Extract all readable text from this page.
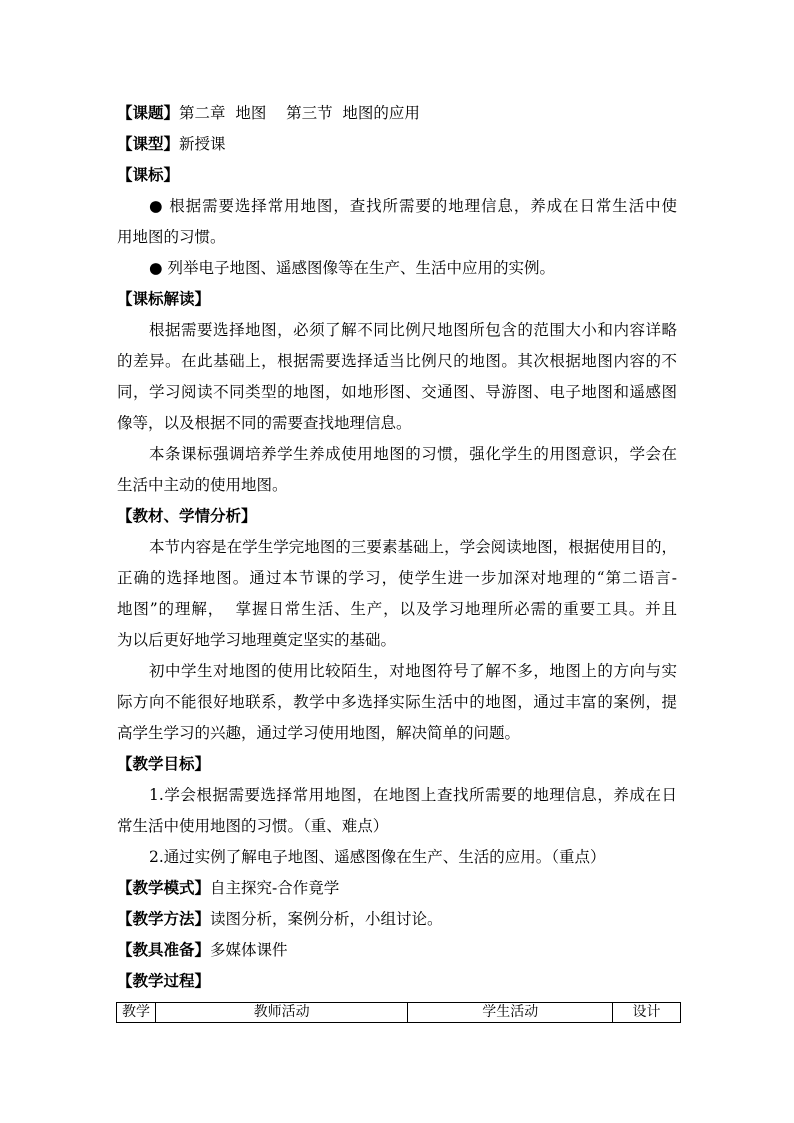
【课题】第二章  地图    第三节  地图的应用
【课型】新授课
【课标】
● 根据需要选择常用地图，查找所需要的地理信息，养成在日常生活中使
用地图的习惯。
● 列举电子地图、遥感图像等在生产、生活中应用的实例。
【课标解读】
根据需要选择地图，必须了解不同比例尺地图所包含的范围大小和内容详略
的差异。在此基础上，根据需要选择适当比例尺的地图。其次根据地图内容的不
同，学习阅读不同类型的地图，如地形图、交通图、导游图、电子地图和遥感图
像等，以及根据不同的需要查找地理信息。
本条课标强调培养学生养成使用地图的习惯，强化学生的用图意识，学会在
生活中主动的使用地图。
【教材、学情分析】
本节内容是在学生学完地图的三要素基础上，学会阅读地图，根据使用目的，
正确的选择地图。通过本节课的学习，使学生进一步加深对地理的“第二语言-
地图”的理解，  掌握日常生活、生产，以及学习地理所必需的重要工具。并且
为以后更好地学习地理奠定坚实的基础。
初中学生对地图的使用比较陌生，对地图符号了解不多，地图上的方向与实
际方向不能很好地联系，教学中多选择实际生活中的地图，通过丰富的案例，提
高学生学习的兴趣，通过学习使用地图，解决简单的问题。
【教学目标】
1.学会根据需要选择常用地图，在地图上查找所需要的地理信息，养成在日
常生活中使用地图的习惯。（重、难点）
2.通过实例了解电子地图、遥感图像在生产、生活的应用。（重点）
【教学模式】自主探究-合作竟学
【教学方法】读图分析，案例分析，小组讨论。
【教具准备】多媒体课件
【教学过程】
教学	教师活动	学生活动	设计
